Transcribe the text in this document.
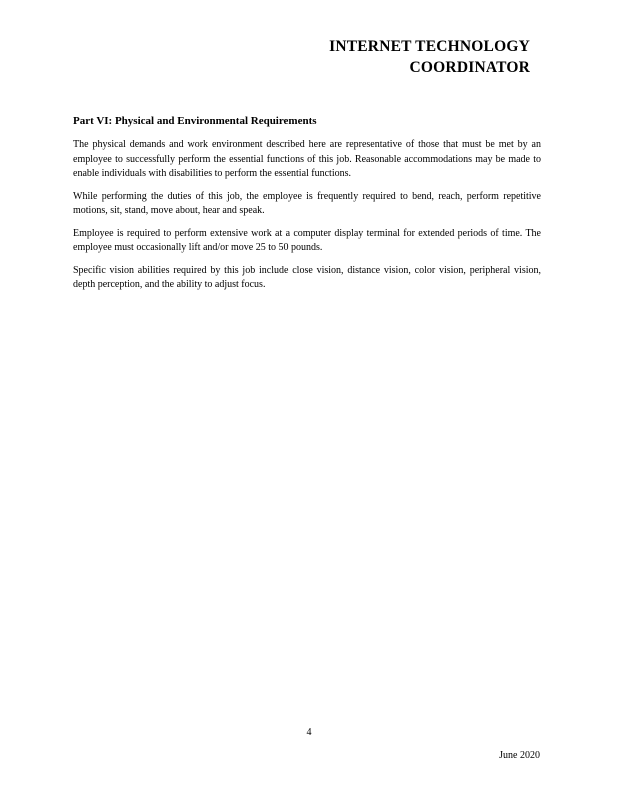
INTERNET TECHNOLOGY
COORDINATOR

Part VI: Physical and Environmental Requirements

The physical demands and work environment described here are representative of those that must be met by an employee to successfully perform the essential functions of this job. Reasonable accommodations may be made to enable individuals with disabilities to perform the essential functions.

While performing the duties of this job, the employee is frequently required to bend, reach, perform repetitive motions, sit, stand, move about, hear and speak.

Employee is required to perform extensive work at a computer display terminal for extended periods of time. The employee must occasionally lift and/or move 25 to 50 pounds.

Specific vision abilities required by this job include close vision, distance vision, color vision, peripheral vision, depth perception, and the ability to adjust focus.

4
June 2020
